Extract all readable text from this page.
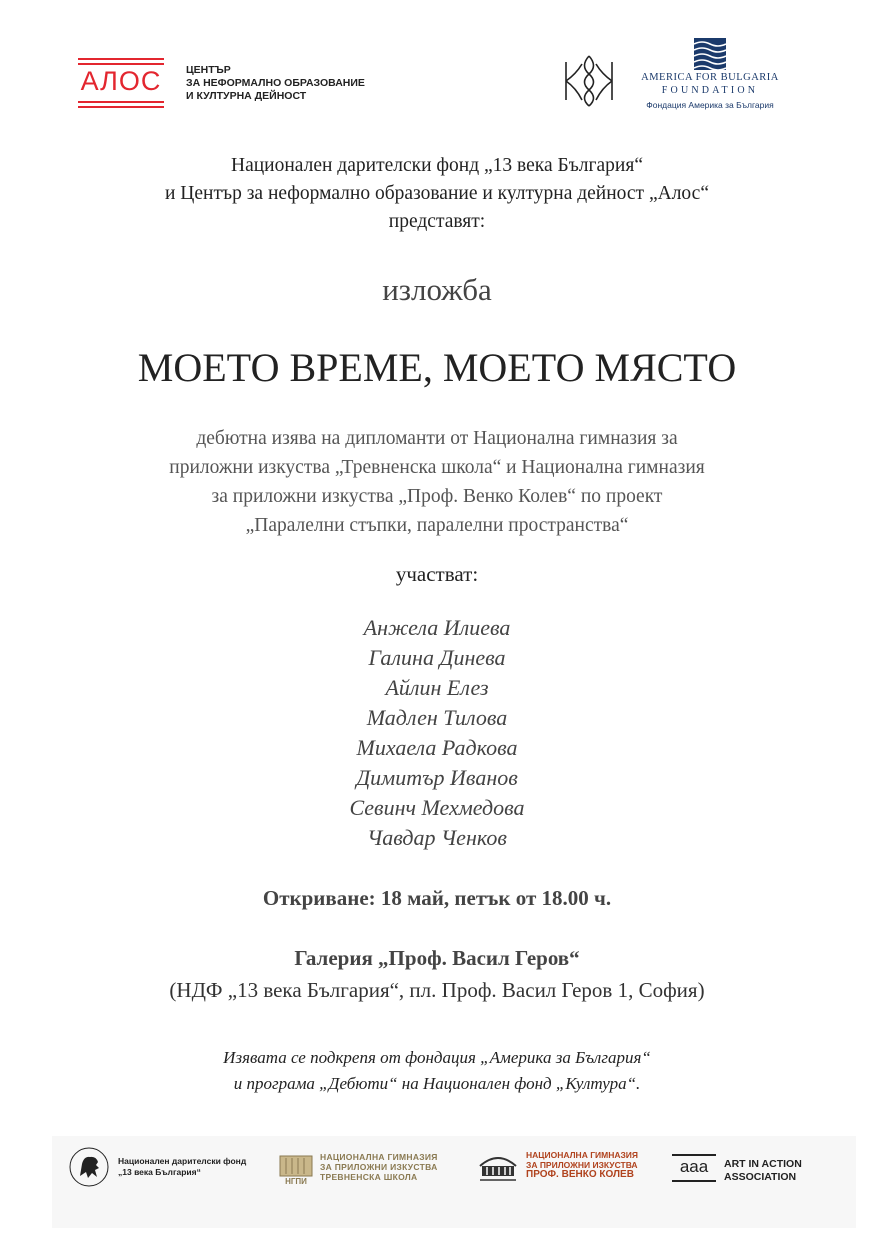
АЛОС ЦЕНТЪР
ЗА НЕФОРМАЛНО ОБРАЗОВАНИЕ
И КУЛТУРНА ДЕЙНОСТ
AMERICA FOR BULGARIA
FOUNDATION
Фондация Америка за България
Национален дарителски фонд „13 века България“
и Център за неформално образование и културна дейност „Алос“
представят:
изложба
МОЕТО ВРЕМЕ, МОЕТО МЯСТО
дебютна изява на дипломанти от Национална гимназия за
приложни изкуства „Тревненска школа“ и Национална гимназия
за приложни изкуства „Проф. Венко Колев“ по проект
„Паралелни стъпки, паралелни пространства“
участват:
Анжела Илиева
Галина Динева
Айлин Елез
Мадлен Тилова
Михаела Радкова
Димитър Иванов
Севинч Мехмедова
Чавдар Ченков
Откриване: 18 май, петък от 18.00 ч.
Галерия „Проф. Васил Геров“
(НДФ „13 века България“, пл. Проф. Васил Геров 1, София)
Изявата се подкрепя от фондация „Америка за България“
и програма „Дебюти“ на Национален фонд „Култура“.
Национален дарителски фонд
„13 века България“
НГПИ
НАЦИОНАЛНА ГИМНАЗИЯ
ЗА ПРИЛОЖНИ ИЗКУСТВА
ТРЕВНЕНСКА ШКОЛА
НАЦИОНАЛНА ГИМНАЗИЯ
ЗА ПРИЛОЖНИ ИЗКУСТВА
ПРОФ. ВЕНКО КОЛЕВ	aaa	ART IN ACTION
ASSOCIATION
